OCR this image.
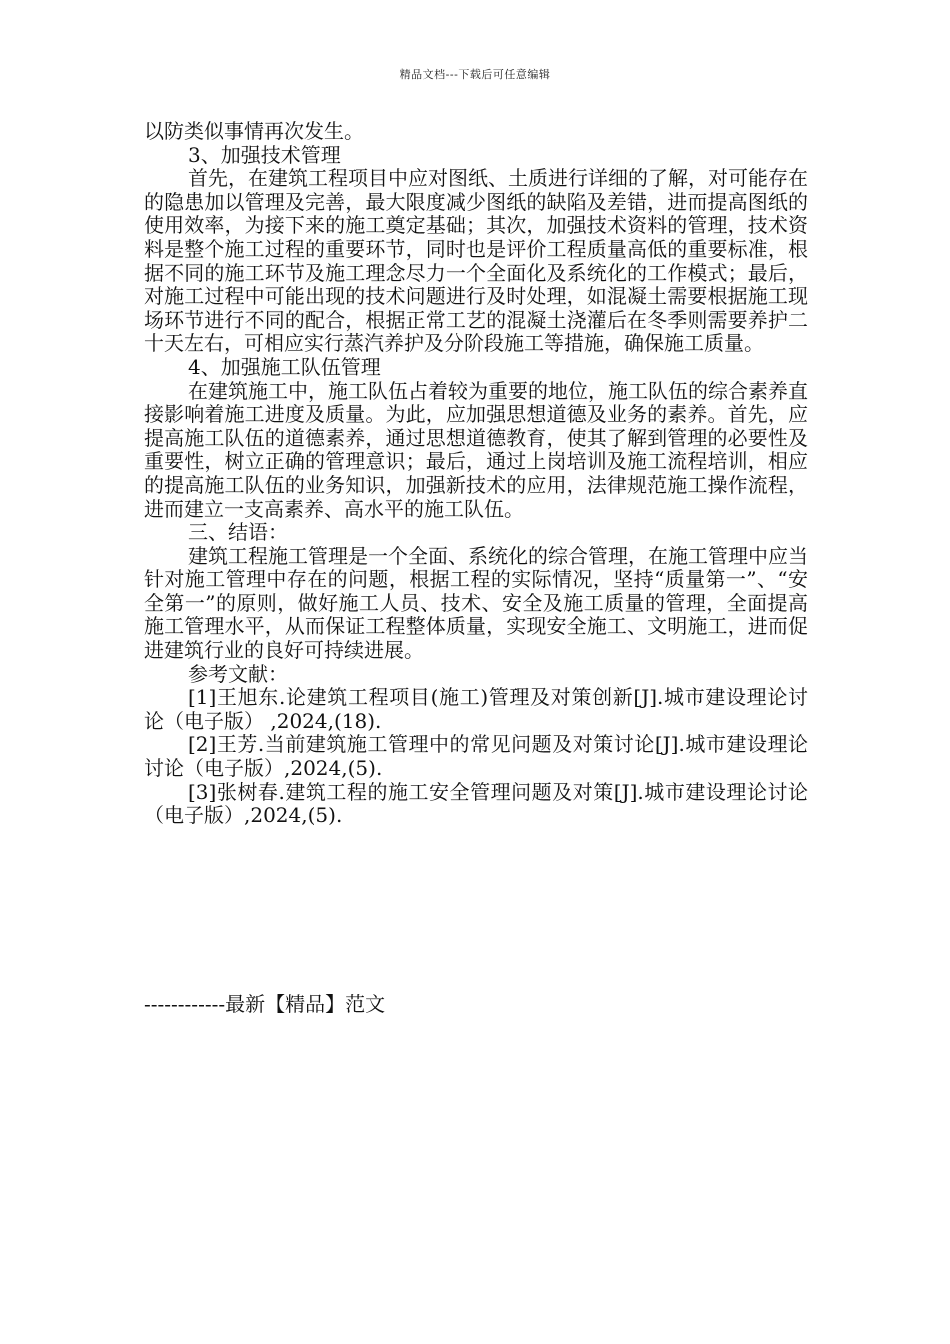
精品文档---下载后可任意编辑

以防类似事情再次发生。

3、加强技术管理

首先，在建筑工程项目中应对图纸、土质进行详细的了解，对可能存在的隐患加以管理及完善，最大限度减少图纸的缺陷及差错，进而提高图纸的使用效率，为接下来的施工奠定基础；其次，加强技术资料的管理，技术资料是整个施工过程的重要环节，同时也是评价工程质量高低的重要标准，根据不同的施工环节及施工理念尽力一个全面化及系统化的工作模式；最后，对施工过程中可能出现的技术问题进行及时处理，如混凝土需要根据施工现场环节进行不同的配合，根据正常工艺的混凝土浇灌后在冬季则需要养护二十天左右，可相应实行蒸汽养护及分阶段施工等措施，确保施工质量。

4、加强施工队伍管理

在建筑施工中，施工队伍占着较为重要的地位，施工队伍的综合素养直接影响着施工进度及质量。为此，应加强思想道德及业务的素养。首先，应提高施工队伍的道德素养，通过思想道德教育，使其了解到管理的必要性及重要性，树立正确的管理意识；最后，通过上岗培训及施工流程培训，相应的提高施工队伍的业务知识，加强新技术的应用，法律规范施工操作流程，进而建立一支高素养、高水平的施工队伍。

三、结语：

建筑工程施工管理是一个全面、系统化的综合管理，在施工管理中应当针对施工管理中存在的问题，根据工程的实际情况，坚持“质量第一”、“安全第一”的原则，做好施工人员、技术、安全及施工质量的管理，全面提高施工管理水平，从而保证工程整体质量，实现安全施工、文明施工，进而促进建筑行业的良好可持续进展。

参考文献：

[1]王旭东.论建筑工程项目(施工)管理及对策创新[J].城市建设理论讨论（电子版） ,2024,(18).

[2]王芳.当前建筑施工管理中的常见问题及对策讨论[J].城市建设理论讨论（电子版）,2024,(5).

[3]张树春.建筑工程的施工安全管理问题及对策[J].城市建设理论讨论（电子版）,2024,(5).

------------最新【精品】范文
